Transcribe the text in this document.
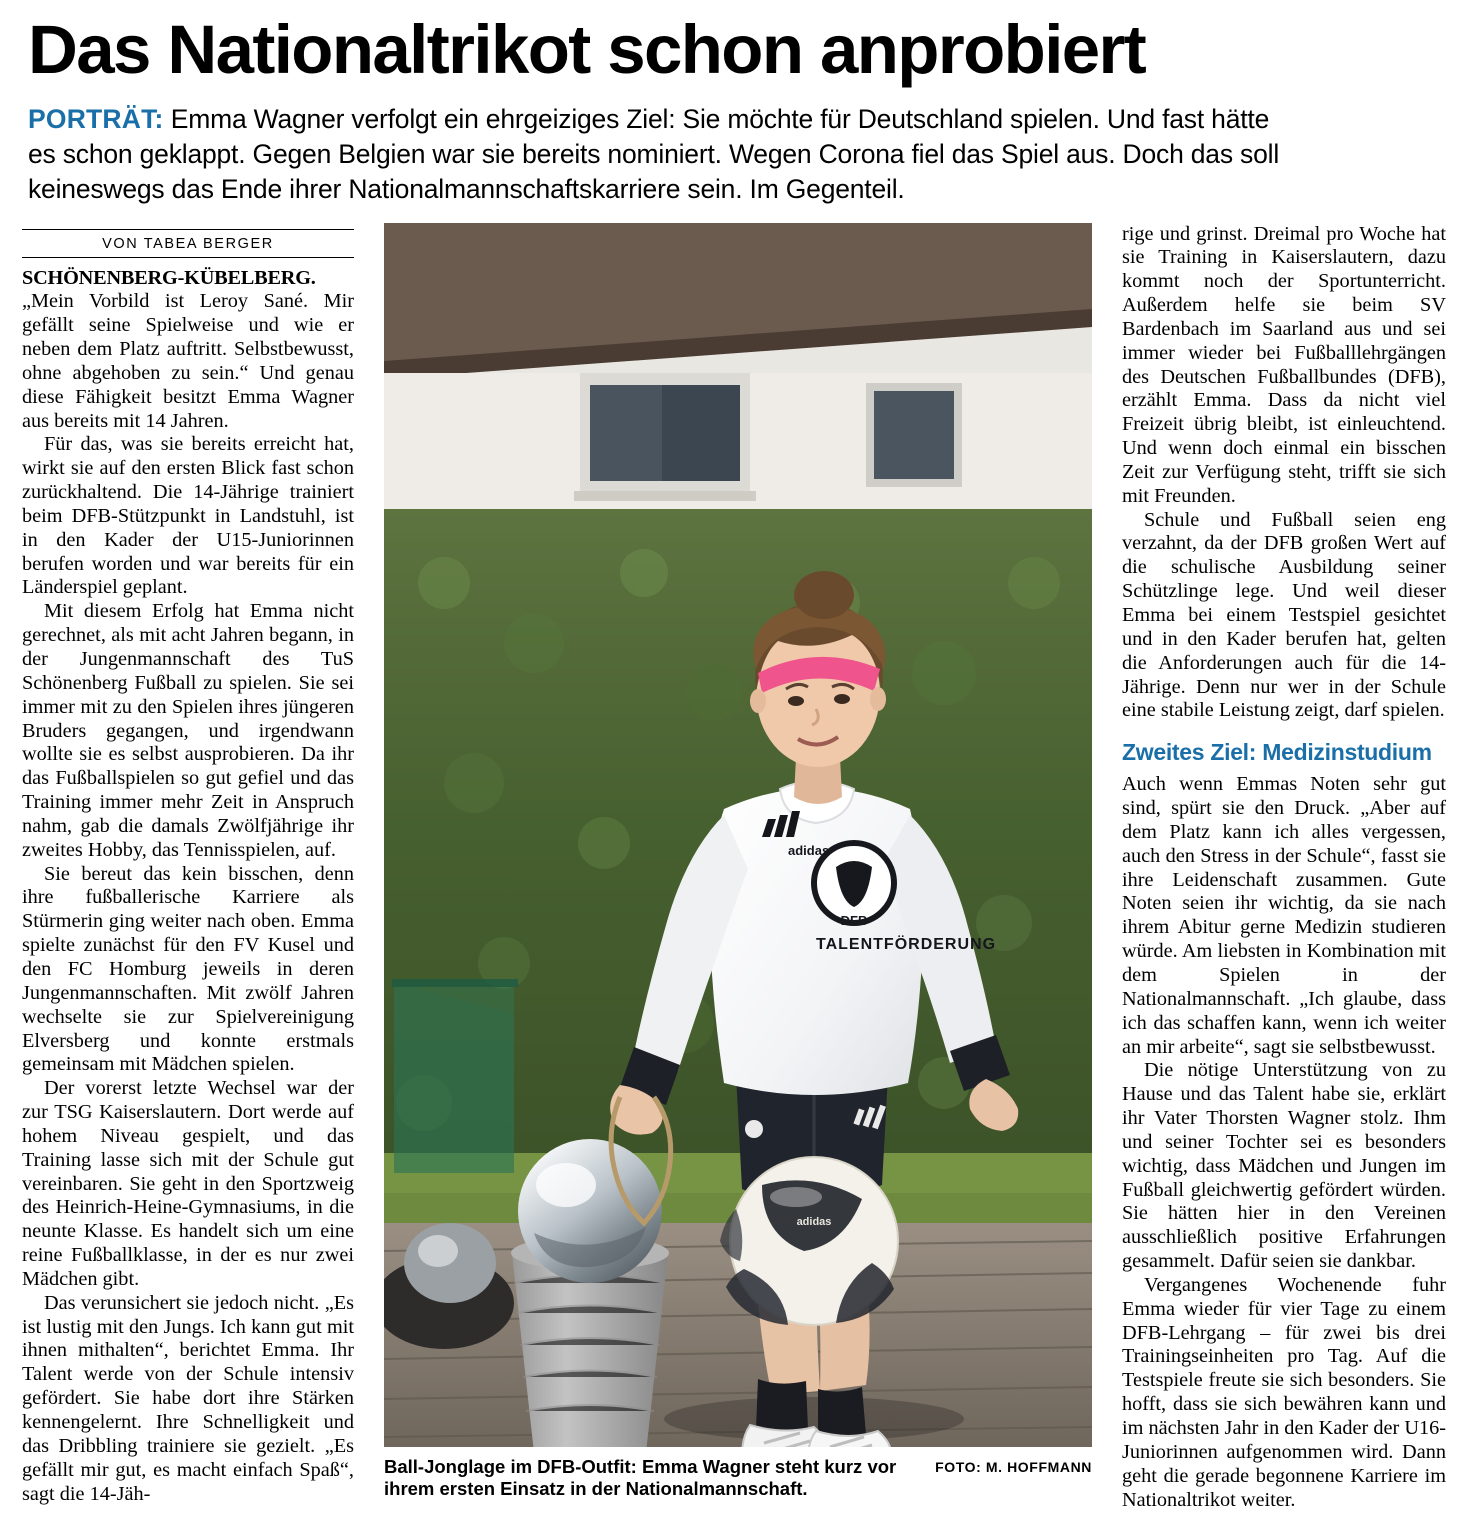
Das Nationaltrikot schon anprobiert

PORTRÄT: Emma Wagner verfolgt ein ehrgeiziges Ziel: Sie möchte für Deutschland spielen. Und fast hätte es schon geklappt. Gegen Belgien war sie bereits nominiert. Wegen Corona fiel das Spiel aus. Doch das soll keineswegs das Ende ihrer Nationalmannschaftskarriere sein. Im Gegenteil.

VON TABEA BERGER

SCHÖNENBERG-KÜBELBERG. „Mein Vorbild ist Leroy Sané. Mir gefällt seine Spielweise und wie er neben dem Platz auftritt. Selbstbewusst, ohne abgehoben zu sein.“ Und genau diese Fähigkeit besitzt Emma Wagner aus bereits mit 14 Jahren.

Für das, was sie bereits erreicht hat, wirkt sie auf den ersten Blick fast schon zurückhaltend. Die 14-Jährige trainiert beim DFB-Stützpunkt in Landstuhl, ist in den Kader der U15-Juniorinnen berufen worden und war bereits für ein Länderspiel geplant.

Mit diesem Erfolg hat Emma nicht gerechnet, als mit acht Jahren begann, in der Jungenmannschaft des TuS Schönenberg Fußball zu spielen. Sie sei immer mit zu den Spielen ihres jüngeren Bruders gegangen, und irgendwann wollte sie es selbst ausprobieren. Da ihr das Fußballspielen so gut gefiel und das Training immer mehr Zeit in Anspruch nahm, gab die damals Zwölfjährige ihr zweites Hobby, das Tennisspielen, auf.

Sie bereut das kein bisschen, denn ihre fußballerische Karriere als Stürmerin ging weiter nach oben. Emma spielte zunächst für den FV Kusel und den FC Homburg jeweils in deren Jungenmannschaften. Mit zwölf Jahren wechselte sie zur Spielvereinigung Elversberg und konnte erstmals gemeinsam mit Mädchen spielen.

Der vorerst letzte Wechsel war der zur TSG Kaiserslautern. Dort werde auf hohem Niveau gespielt, und das Training lasse sich mit der Schule gut vereinbaren. Sie geht in den Sportzweig des Heinrich-Heine-Gymnasiums, in die neunte Klasse. Es handelt sich um eine reine Fußballklasse, in der es nur zwei Mädchen gibt.

Das verunsichert sie jedoch nicht. „Es ist lustig mit den Jungs. Ich kann gut mit ihnen mithalten“, berichtet Emma. Ihr Talent werde von der Schule intensiv gefördert. Sie habe dort ihre Stärken kennengelernt. Ihre Schnelligkeit und das Dribbling trainiere sie gezielt. „Es gefällt mir gut, es macht einfach Spaß“, sagt die 14-Jäh-

DFB
adidas
TALENTFÖRDERUNG
adidas
FOTO: M. HOFFMANN
Ball-Jonglage im DFB-Outfit: Emma Wagner steht kurz vor ihrem ersten Einsatz in der Nationalmannschaft.

rige und grinst. Dreimal pro Woche hat sie Training in Kaiserslautern, dazu kommt noch der Sportunterricht. Außerdem helfe sie beim SV Bardenbach im Saarland aus und sei immer wieder bei Fußballlehrgängen des Deutschen Fußballbundes (DFB), erzählt Emma. Dass da nicht viel Freizeit übrig bleibt, ist einleuchtend. Und wenn doch einmal ein bisschen Zeit zur Verfügung steht, trifft sie sich mit Freunden.

Schule und Fußball seien eng verzahnt, da der DFB großen Wert auf die schulische Ausbildung seiner Schützlinge lege. Und weil dieser Emma bei einem Testspiel gesichtet und in den Kader berufen hat, gelten die Anforderungen auch für die 14-Jährige. Denn nur wer in der Schule eine stabile Leistung zeigt, darf spielen.

Zweites Ziel: Medizinstudium

Auch wenn Emmas Noten sehr gut sind, spürt sie den Druck. „Aber auf dem Platz kann ich alles vergessen, auch den Stress in der Schule“, fasst sie ihre Leidenschaft zusammen. Gute Noten seien ihr wichtig, da sie nach ihrem Abitur gerne Medizin studieren würde. Am liebsten in Kombination mit dem Spielen in der Nationalmannschaft. „Ich glaube, dass ich das schaffen kann, wenn ich weiter an mir arbeite“, sagt sie selbstbewusst.

Die nötige Unterstützung von zu Hause und das Talent habe sie, erklärt ihr Vater Thorsten Wagner stolz. Ihm und seiner Tochter sei es besonders wichtig, dass Mädchen und Jungen im Fußball gleichwertig gefördert würden. Sie hätten hier in den Vereinen ausschließlich positive Erfahrungen gesammelt. Dafür seien sie dankbar.

Vergangenes Wochenende fuhr Emma wieder für vier Tage zu einem DFB-Lehrgang – für zwei bis drei Trainingseinheiten pro Tag. Auf die Testspiele freute sie sich besonders. Sie hofft, dass sie sich bewähren kann und im nächsten Jahr in den Kader der U16-Juniorinnen aufgenommen wird. Dann geht die gerade begonnene Karriere im Nationaltrikot weiter.
